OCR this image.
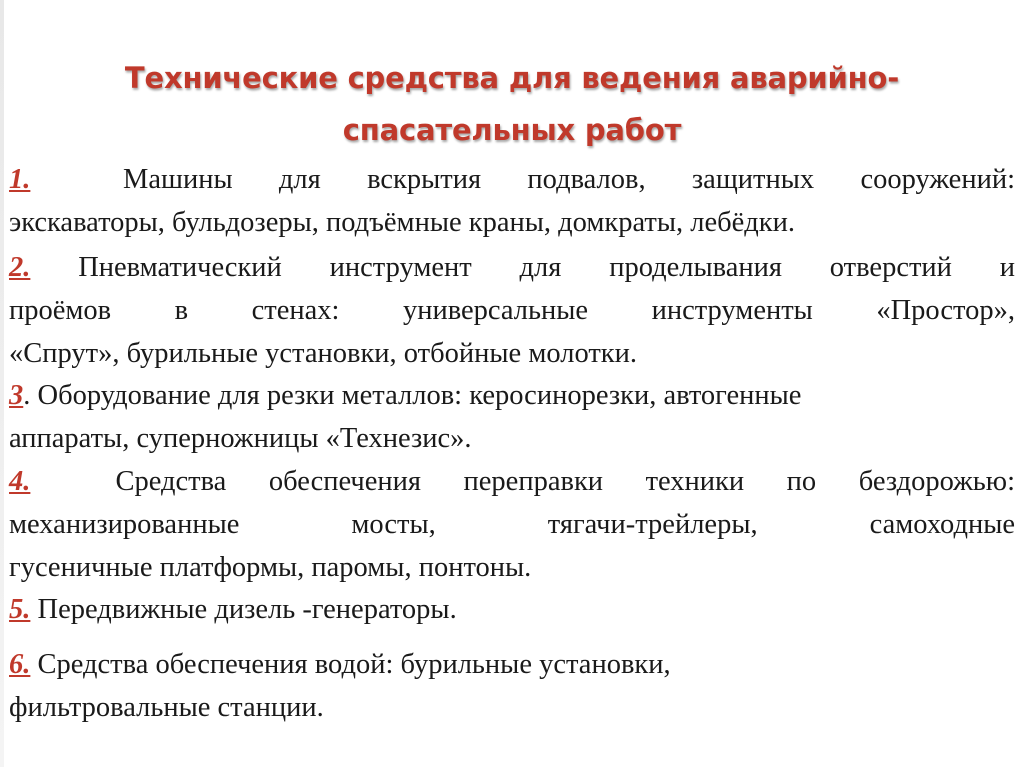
Технические средства для ведения аварийно-
спасательных работ
1.	Машины для вскрытия подвалов, защитных сооружений:
экскаваторы, бульдозеры, подъёмные краны, домкраты, лебёдки.
2. Пневматический инструмент для проделывания отверстий и
проёмов в стенах: универсальные инструменты «Простор»,
«Спрут», бурильные установки, отбойные молотки.
3. Оборудование для резки металлов: керосинорезки, автогенные
аппараты, суперножницы «Технезис».
4.	Средства обеспечения переправки техники по бездорожью:
механизированные мосты, тягачи-трейлеры, самоходные
гусеничные платформы, паромы, понтоны.
5. Передвижные дизель -генераторы.
6. Средства обеспечения водой: бурильные установки,
фильтровальные станции.
